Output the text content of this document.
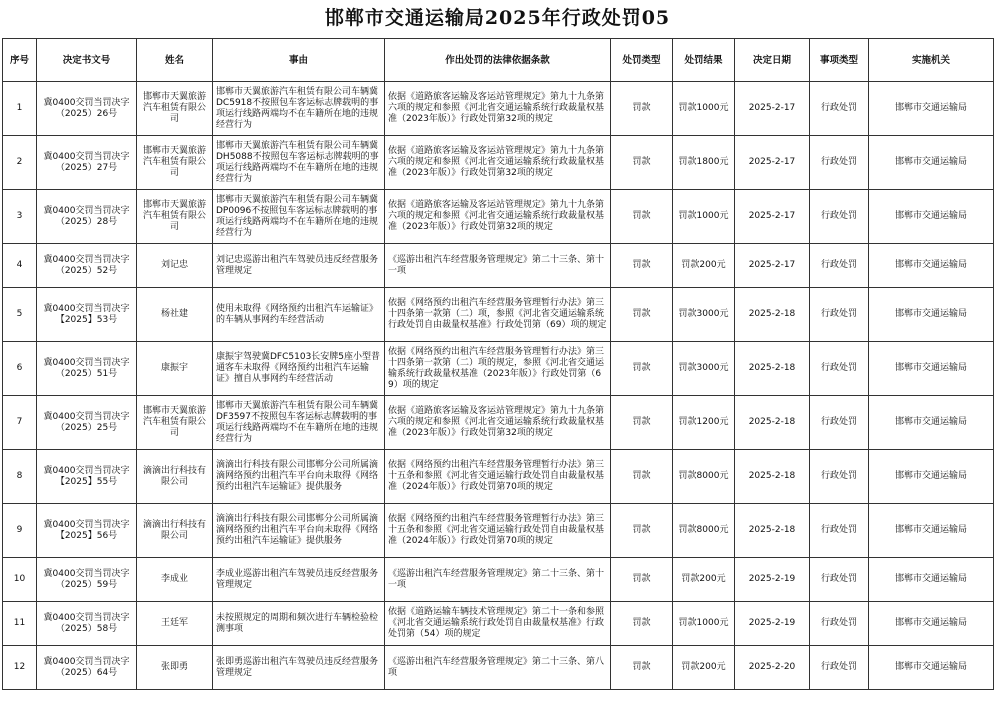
邯郸市交通运输局2025年行政处罚05
序号	决定书文号	姓名	事由	作出处罚的法律依据条款	处罚类型	处罚结果	决定日期	事项类型	实施机关
1	冀0400交罚当罚决字（2025）26号	邯郸市天翼旅游汽车租赁有限公司	邯郸市天翼旅游汽车租赁有限公司车辆冀DC5918不按照包车客运标志牌载明的事项运行线路两端均不在车籍所在地的违规经营行为	依据《道路旅客运输及客运站管理规定》第九十九条第六项的规定和参照《河北省交通运输系统行政裁量权基准（2023年版）》行政处罚第32项的规定	罚款	罚款1000元	2025-2-17	行政处罚	邯郸市交通运输局
2	冀0400交罚当罚决字（2025）27号	邯郸市天翼旅游汽车租赁有限公司	邯郸市天翼旅游汽车租赁有限公司车辆冀DH5088不按照包车客运标志牌载明的事项运行线路两端均不在车籍所在地的违规经营行为	依据《道路旅客运输及客运站管理规定》第九十九条第六项的规定和参照《河北省交通运输系统行政裁量权基准（2023年版）》行政处罚第32项的规定	罚款	罚款1800元	2025-2-17	行政处罚	邯郸市交通运输局
3	冀0400交罚当罚决字（2025）28号	邯郸市天翼旅游汽车租赁有限公司	邯郸市天翼旅游汽车租赁有限公司车辆冀DP0096不按照包车客运标志牌载明的事项运行线路两端均不在车籍所在地的违规经营行为	依据《道路旅客运输及客运站管理规定》第九十九条第六项的规定和参照《河北省交通运输系统行政裁量权基准（2023年版）》行政处罚第32项的规定	罚款	罚款1000元	2025-2-17	行政处罚	邯郸市交通运输局
4	冀0400交罚当罚决字（2025）52号	刘记忠	刘记忠巡游出租汽车驾驶员违反经营服务管理规定	《巡游出租汽车经营服务管理规定》第二十三条、第十一项	罚款	罚款200元	2025-2-17	行政处罚	邯郸市交通运输局
5	冀0400交罚当罚决字【2025】53号	杨社建	使用未取得《网络预约出租汽车运输证》的车辆从事网约车经营活动	依据《网络预约出租汽车经营服务管理暂行办法》第三十四条第一款第（二）项，参照《河北省交通运输系统行政处罚自由裁量权基准》行政处罚第（69）项的规定	罚款	罚款3000元	2025-2-18	行政处罚	邯郸市交通运输局
6	冀0400交罚当罚决字（2025）51号	康振宇	康振宇驾驶冀DFC5103长安牌5座小型普通客车未取得《网络预约出租汽车运输证》擅自从事网约车经营活动	依据《网络预约出租汽车经营服务管理暂行办法》第三十四条第一款第（二）项的规定，参照《河北省交通运输系统行政裁量权基准（2023年版）》行政处罚第（69）项的规定	罚款	罚款3000元	2025-2-18	行政处罚	邯郸市交通运输局
7	冀0400交罚当罚决字（2025）25号	邯郸市天翼旅游汽车租赁有限公司	邯郸市天翼旅游汽车租赁有限公司车辆冀DF3597不按照包车客运标志牌载明的事项运行线路两端均不在车籍所在地的违规经营行为	依据《道路旅客运输及客运站管理规定》第九十九条第六项的规定和参照《河北省交通运输系统行政裁量权基准（2023年版）》行政处罚第32项的规定	罚款	罚款1200元	2025-2-18	行政处罚	邯郸市交通运输局
8	冀0400交罚当罚决字【2025】55号	滴滴出行科技有限公司	滴滴出行科技有限公司邯郸分公司所属滴滴网络预约出租汽车平台向未取得《网络预约出租汽车运输证》提供服务	依据《网络预约出租汽车经营服务管理暂行办法》第三十五条和参照《河北省交通运输行政处罚自由裁量权基准（2024年版）》行政处罚第70项的规定	罚款	罚款8000元	2025-2-18	行政处罚	邯郸市交通运输局
9	冀0400交罚当罚决字【2025】56号	滴滴出行科技有限公司	滴滴出行科技有限公司邯郸分公司所属滴滴网络预约出租汽车平台向未取得《网络预约出租汽车运输证》提供服务	依据《网络预约出租汽车经营服务管理暂行办法》第三十五条和参照《河北省交通运输行政处罚自由裁量权基准（2024年版）》行政处罚第70项的规定	罚款	罚款8000元	2025-2-18	行政处罚	邯郸市交通运输局
10	冀0400交罚当罚决字（2025）59号	李成业	李成业巡游出租汽车驾驶员违反经营服务管理规定	《巡游出租汽车经营服务管理规定》第二十三条、第十一项	罚款	罚款200元	2025-2-19	行政处罚	邯郸市交通运输局
11	冀0400交罚当罚决字（2025）58号	王廷军	未按照规定的周期和频次进行车辆检验检测事项	依据《道路运输车辆技术管理规定》第二十一条和参照《河北省交通运输系统行政处罚自由裁量权基准》行政处罚第（54）项的规定	罚款	罚款1000元	2025-2-19	行政处罚	邯郸市交通运输局
12	冀0400交罚当罚决字（2025）64号	张即勇	张即勇巡游出租汽车驾驶员违反经营服务管理规定	《巡游出租汽车经营服务管理规定》第二十三条、第八项	罚款	罚款200元	2025-2-20	行政处罚	邯郸市交通运输局
